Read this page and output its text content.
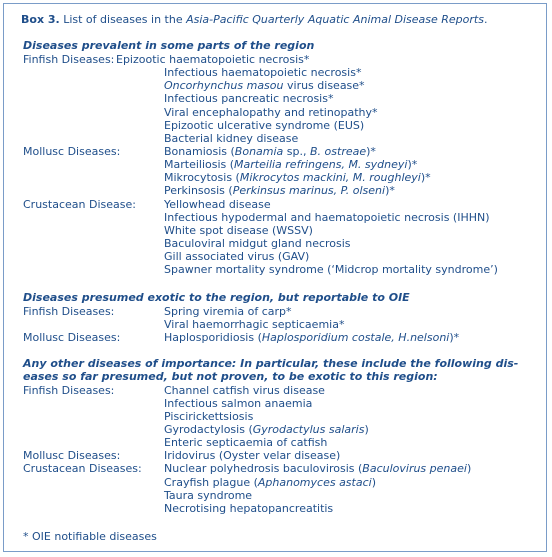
Box 3. List of diseases in the Asia-Pacific Quarterly Aquatic Animal Disease Reports.
Diseases prevalent in some parts of the region
Finfish Diseases: Epizootic haematopoietic necrosis*
Infectious haematopoietic necrosis*
Oncorhynchus masou virus disease*
Infectious pancreatic necrosis*
Viral encephalopathy and retinopathy*
Epizootic ulcerative syndrome (EUS)
Bacterial kidney disease
Mollusc Diseases:	Bonamiosis (Bonamia sp., B. ostreae)*
Marteiliosis (Marteilia refringens, M. sydneyi)*
Mikrocytosis (Mikrocytos mackini, M. roughleyi)*
Perkinsosis (Perkinsus marinus, P. olseni)*
Crustacean Disease:	Yellowhead disease
Infectious hypodermal and haematopoietic necrosis (IHHN)
White spot disease (WSSV)
Baculoviral midgut gland necrosis
Gill associated virus (GAV)
Spawner mortality syndrome (‘Midcrop mortality syndrome’)
Diseases presumed exotic to the region, but reportable to OIE
Finfish Diseases:	Spring viremia of carp*
Viral haemorrhagic septicaemia*
Mollusc Diseases:	Haplosporidiosis (Haplosporidium costale, H.nelsoni)*
Any other diseases of importance: In particular, these include the following dis-
eases so far presumed, but not proven, to be exotic to this region:
Finfish Diseases:	Channel catfish virus disease
Infectious salmon anaemia
Piscirickettsiosis
Gyrodactylosis (Gyrodactylus salaris)
Enteric septicaemia of catfish
Mollusc Diseases:	Iridovirus (Oyster velar disease)
Crustacean Diseases: Nuclear polyhedrosis baculovirosis (Baculovirus penaei)
Crayfish plague (Aphanomyces astaci)
Taura syndrome
Necrotising hepatopancreatitis
* OIE notifiable diseases
